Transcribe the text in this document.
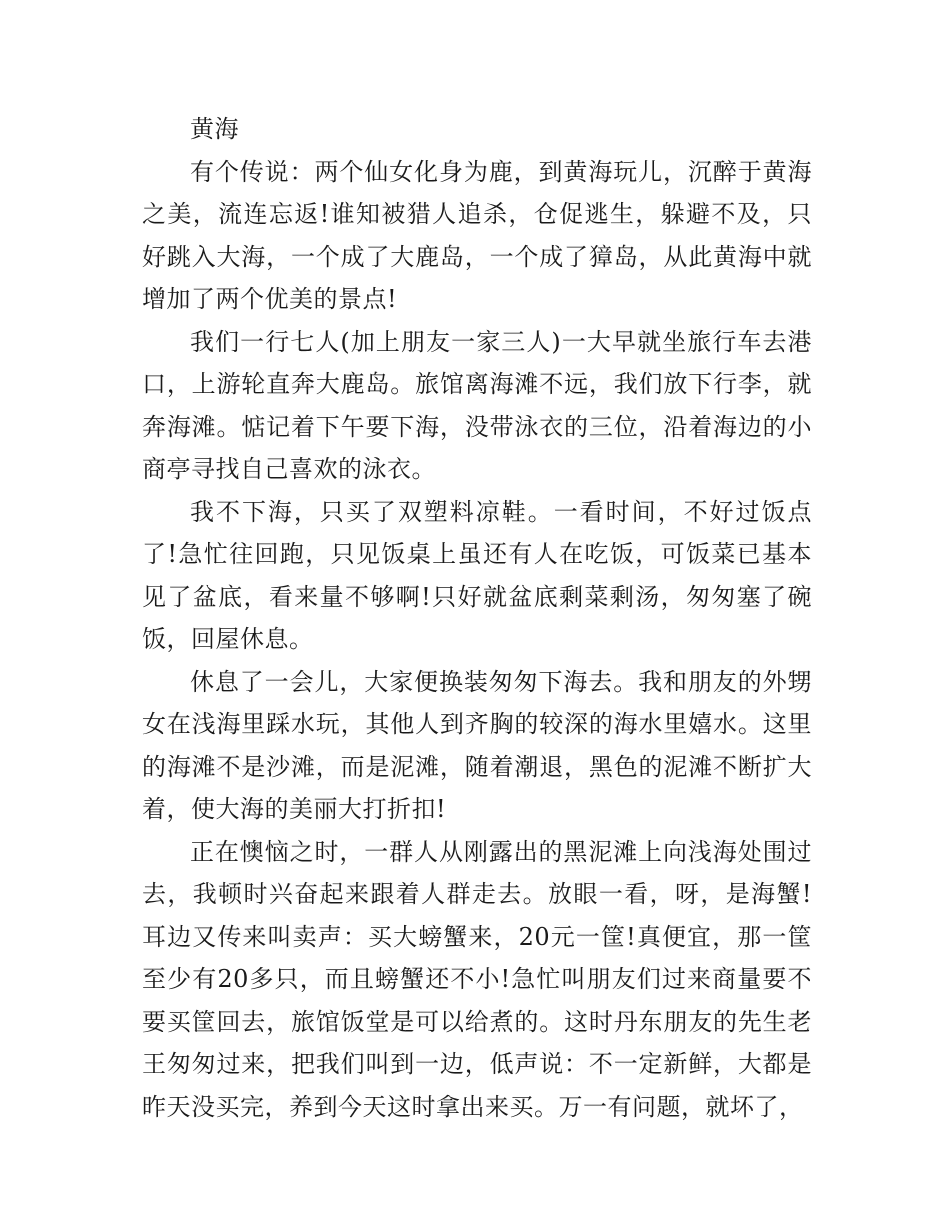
黄海

有个传说：两个仙女化身为鹿，到黄海玩儿，沉醉于黄海之美，流连忘返!谁知被猎人追杀，仓促逃生，躲避不及，只好跳入大海，一个成了大鹿岛，一个成了獐岛，从此黄海中就增加了两个优美的景点!

我们一行七人(加上朋友一家三人)一大早就坐旅行车去港口，上游轮直奔大鹿岛。旅馆离海滩不远，我们放下行李，就奔海滩。惦记着下午要下海，没带泳衣的三位，沿着海边的小商亭寻找自己喜欢的泳衣。

我不下海，只买了双塑料凉鞋。一看时间，不好过饭点了!急忙往回跑，只见饭桌上虽还有人在吃饭，可饭菜已基本见了盆底，看来量不够啊!只好就盆底剩菜剩汤，匆匆塞了碗饭，回屋休息。

休息了一会儿，大家便换装匆匆下海去。我和朋友的外甥女在浅海里踩水玩，其他人到齐胸的较深的海水里嬉水。这里的海滩不是沙滩，而是泥滩，随着潮退，黑色的泥滩不断扩大着，使大海的美丽大打折扣!

正在懊恼之时，一群人从刚露出的黑泥滩上向浅海处围过去，我顿时兴奋起来跟着人群走去。放眼一看，呀，是海蟹!耳边又传来叫卖声：买大螃蟹来，20元一筐!真便宜，那一筐至少有20多只，而且螃蟹还不小!急忙叫朋友们过来商量要不要买筐回去，旅馆饭堂是可以给煮的。这时丹东朋友的先生老王匆匆过来，把我们叫到一边，低声说：不一定新鲜，大都是昨天没买完，养到今天这时拿出来买。万一有问题，就坏了，
